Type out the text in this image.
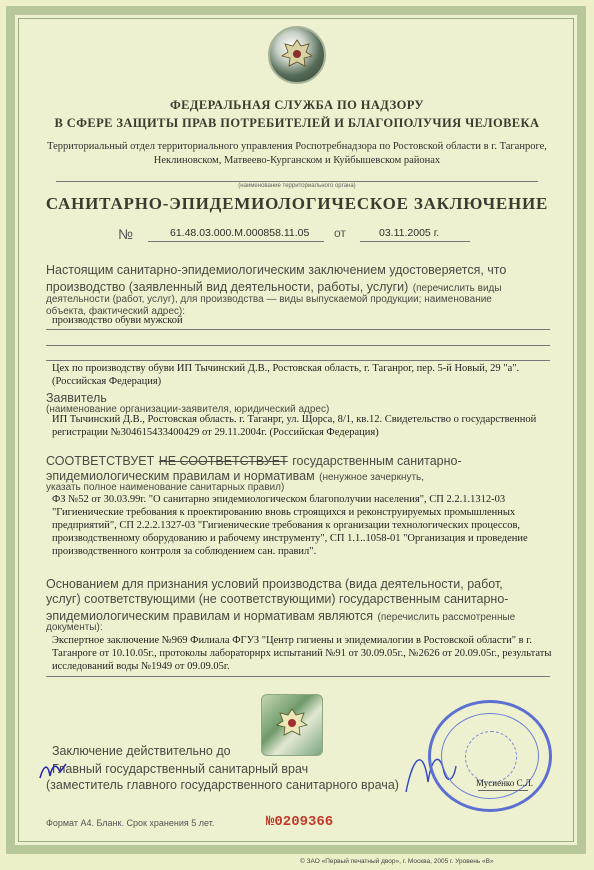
ФЕДЕРАЛЬНАЯ СЛУЖБА ПО НАДЗОРУ
В СФЕРЕ ЗАЩИТЫ ПРАВ ПОТРЕБИТЕЛЕЙ И БЛАГОПОЛУЧИЯ ЧЕЛОВЕКА
Территориальный отдел территориального управления Роспотребнадзора по Ростовской области в г. Таганроге,
Неклиновском, Матвеево-Курганском и Куйбышевском районах
(наименование территориального органа)
САНИТАРНО-ЭПИДЕМИОЛОГИЧЕСКОЕ ЗАКЛЮЧЕНИЕ
№	61.48.03.000.М.000858.11.05 от	03.11.2005 г.
Настоящим санитарно-эпидемиологическим заключением удостоверяется, что
производство (заявленный вид деятельности, работы, услуги) (перечислить виды
деятельности (работ, услуг), для производства — виды выпускаемой продукции; наименование
объекта, фактический адрес):
производство обуви мужской
Цех по производству обуви ИП Тычинский Д.В., Ростовская область, г. Таганрог, пер. 5-й Новый, 29 "а".
(Российская Федерация)
Заявитель
(наименование организации-заявителя, юридический адрес)
ИП Тычинский Д.В., Ростовская область. г. Таганрг, ул. Щорса, 8/1, кв.12. Свидетельство о государственной
регистрации №304615433400429 от 29.11.2004г. (Российская Федерация)
СООТВЕТСТВУЕТ НЕ СООТВЕТСТВУЕТ государственным санитарно-
эпидемиологическим правилам и нормативам (ненужное зачеркнуть,
указать полное наименование санитарных правил)
ФЗ №52 от 30.03.99г. "О санитарно эпидемиологическом благополучии населения", СП 2.2.1.1312-03
"Гигиенические требования к проектированию вновь строящихся и реконструируемых промышленных
предприятий", СП 2.2.2.1327-03 "Гигиенические требования к организации технологических процессов,
производственному оборудованию и рабочему инструменту", СП 1.1..1058-01 "Организация и проведение
производственного контроля за соблюдением сан. правил".
Основанием для признания условий производства (вида деятельности, работ,
услуг) соответствующими (не соответствующими) государственным санитарно-
эпидемиологическим правилам и нормативам являются (перечислить рассмотренные
документы):
Экспертное заключение №969 Филиала ФГУЗ "Центр гигиены и эпидемиалогии в Ростовской области" в г.
Таганроге от 10.10.05г., протоколы лабораторнрх испытаний №91 от 30.09.05г., №2626 от 20.09.05г., результаты
исследований воды №1949 от 09.09.05г.
Заключение действительно до
Главный государственный санитарный врач
(заместитель главного государственного санитарного врача)	Мусиенко С.Л.
Формат А4. Бланк. Срок хранения 5 лет.	№0209366
© ЗАО «Первый печатный двор», г. Москва, 2005 г. Уровень «В»
